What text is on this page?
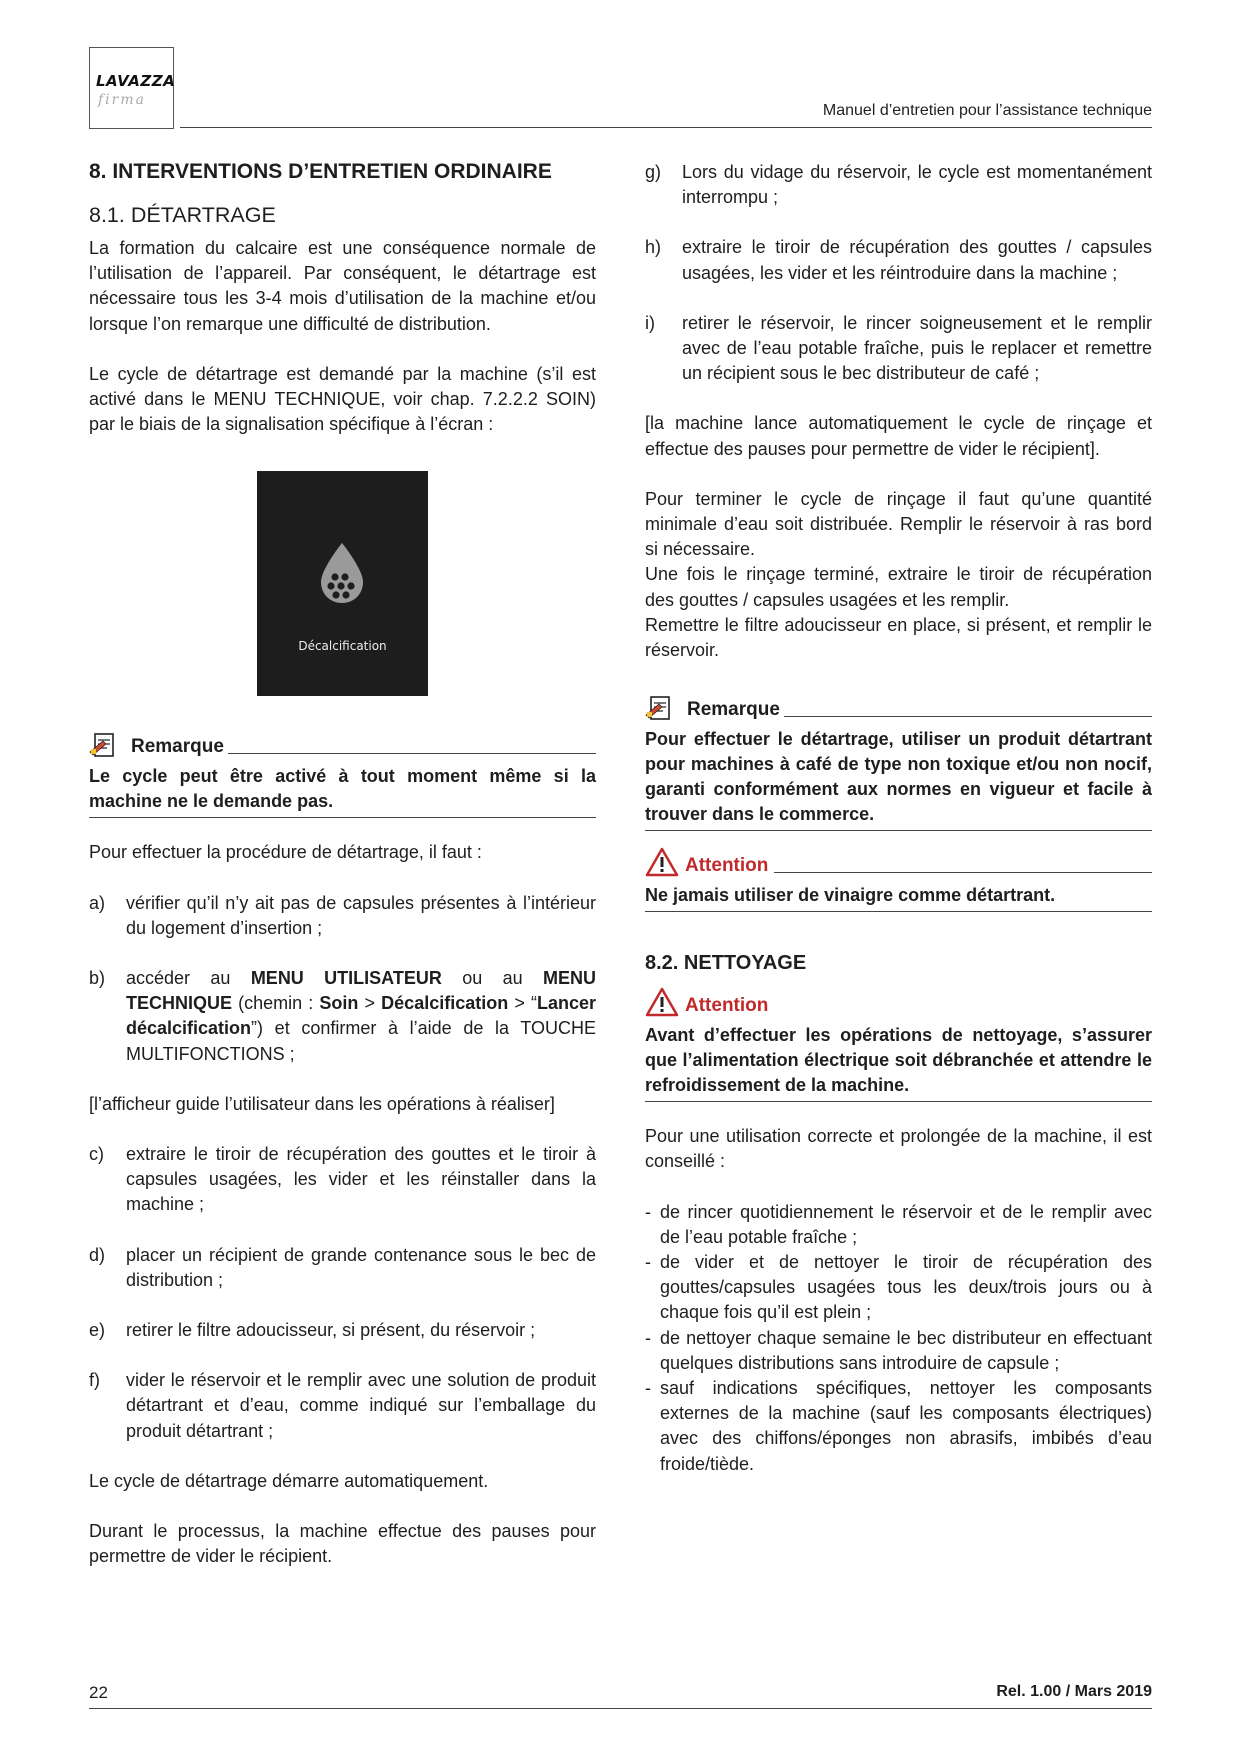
LAVAZZA
firma
Manuel d’entretien pour l’assistance technique
8. INTERVENTIONS D’ENTRETIEN ORDINAIRE
8.1. DÉTARTRAGE

La formation du calcaire est une conséquence normale de l’utilisation de l’appareil. Par conséquent, le détartrage est nécessaire tous les 3-4 mois d’utilisation de la machine et/ou lorsque l’on remarque une difficulté de distribution.

Le cycle de détartrage est demandé par la machine (s’il est activé dans le MENU TECHNIQUE, voir chap. 7.2.2.2 SOIN) par le biais de la signalisation spécifique à l’écran :

Décalcification
Remarque
Le cycle peut être activé à tout moment même si la machine ne le demande pas.

Pour effectuer la procédure de détartrage, il faut :

a)	vérifier qu’il n’y ait pas de capsules présentes à l’intérieur du logement d’insertion ;
b)	accéder au MENU UTILISATEUR ou au MENU TECHNIQUE (chemin : Soin > Décalcification > “Lancer décalcification”) et confirmer à l’aide de la TOUCHE MULTIFONCTIONS ;

[l’afficheur guide l’utilisateur dans les opérations à réaliser]

c)	extraire le tiroir de récupération des gouttes et le tiroir à capsules usagées, les vider et les réinstaller dans la machine ;
d)	placer un récipient de grande contenance sous le bec de distribution ;
e)	retirer le filtre adoucisseur, si présent, du réservoir ;
f)	vider le réservoir et le remplir avec une solution de produit détartrant et d’eau, comme indiqué sur l’emballage du produit détartrant ;

Le cycle de détartrage démarre automatiquement.

Durant le processus, la machine effectue des pauses pour permettre de vider le récipient.

g)	Lors du vidage du réservoir, le cycle est momentanément interrompu ;
h)	extraire le tiroir de récupération des gouttes / capsules usagées, les vider et les réintroduire dans la machine ;
i)	retirer le réservoir, le rincer soigneusement et le remplir avec de l’eau potable fraîche, puis le replacer et remettre un récipient sous le bec distributeur de café ;

[la machine lance automatiquement le cycle de rinçage et effectue des pauses pour permettre de vider le récipient].

Pour terminer le cycle de rinçage il faut qu’une quantité minimale d’eau soit distribuée. Remplir le réservoir à ras bord si nécessaire.

Une fois le rinçage terminé, extraire le tiroir de récupération des gouttes / capsules usagées et les remplir.

Remettre le filtre adoucisseur en place, si présent, et remplir le réservoir.

Remarque
Pour effectuer le détartrage, utiliser un produit détartrant pour machines à café de type non toxique et/ou non nocif, garanti conformément aux normes en vigueur et facile à trouver dans le commerce.
Attention
Ne jamais utiliser de vinaigre comme détartrant.
8.2. NETTOYAGE
Attention
Avant d’effectuer les opérations de nettoyage, s’assurer que l’alimentation électrique soit débranchée et attendre le refroidissement de la machine.

Pour une utilisation correcte et prolongée de la machine, il est conseillé :

- de rincer quotidiennement le réservoir et de le remplir avec de l’eau potable fraîche ;
- de vider et de nettoyer le tiroir de récupération des gouttes/capsules usagées tous les deux/trois jours ou à chaque fois qu’il est plein ;
- de nettoyer chaque semaine le bec distributeur en effectuant quelques distributions sans introduire de capsule ;
- sauf indications spécifiques, nettoyer les composants externes de la machine (sauf les composants électriques) avec des chiffons/éponges non abrasifs, imbibés d’eau froide/tiède.
22	Rel. 1.00 / Mars 2019
